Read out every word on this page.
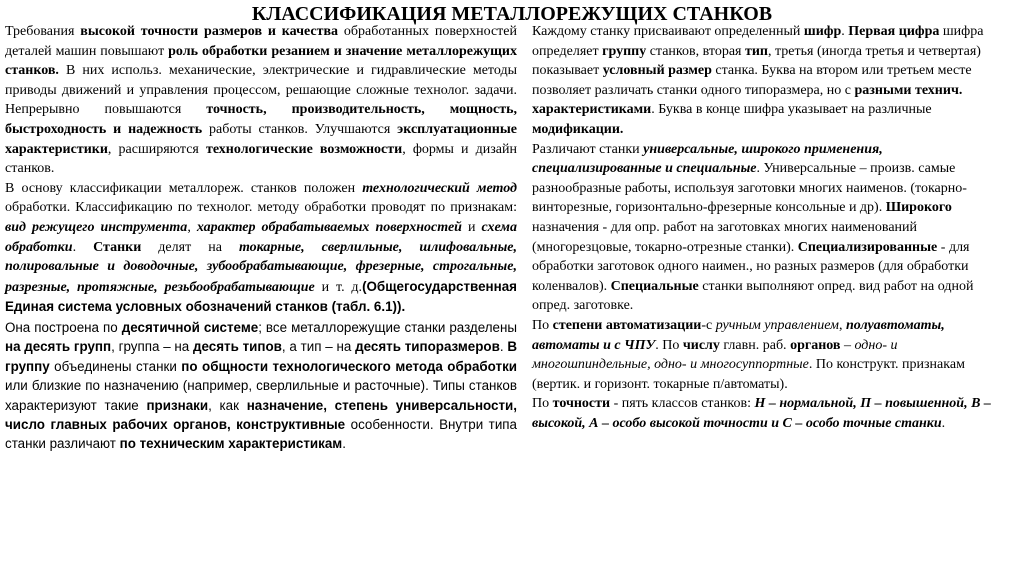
КЛАССИФИКАЦИЯ МЕТАЛЛОРЕЖУЩИХ СТАНКОВ

Требования высокой точности размеров и качества обработанных поверхностей деталей машин повышают роль обработки резанием и значение металлорежущих станков. В них использ. механические, электрические и гидравлические методы приводы движений и управления процессом, решающие сложные технолог. задачи. Непрерывно повышаются точность, производительность, мощность, быстроходность и надежность работы станков. Улучшаются эксплуатационные характеристики, расширяются технологические возможности, формы и дизайн станков.

В основу классификации металлореж. станков положен технологический метод обработки. Классификацию по технолог. методу обработки проводят по признакам: вид режущего инструмента, характер обрабатываемых поверхностей и схема обработки. Станки делят на токарные, сверлильные, шлифовальные, полировальные и доводочные, зубообрабатывающие, фрезерные, строгальные, разрезные, протяжные, резьбообрабатывающие и т. д.(Общегосударственная Единая система условных обозначений станков (табл. 6.1)).

Она построена по десятичной системе; все металлорежущие станки разделены на десять групп, группа – на десять типов, а тип – на десять типоразмеров. В группу объединены станки по общности технологического метода обработки или близкие по назначению (например, сверлильные и расточные). Типы станков характеризуют такие признаки, как назначение, степень универсальности, число главных рабочих органов, конструктивные особенности. Внутри типа станки различают по техническим характеристикам.

Каждому станку присваивают определенный шифр. Первая цифра шифра определяет группу станков, вторая тип, третья (иногда третья и четвертая) показывает условный размер станка. Буква на втором или третьем месте позволяет различать станки одного типоразмера, но с разными технич. характеристиками. Буква в конце шифра указывает на различные модификации.

Различают станки универсальные, широкого применения, специализированные и специальные. Универсальные – произв. самые разнообразные работы, используя заготовки многих наименов. (токарно-винторезные, горизонтально-фрезерные консольные и др). Широкого назначения - для опр. работ на заготовках многих наименований (многорезцовые, токарно-отрезные станки). Специализированные - для обработки заготовок одного наимен., но разных размеров (для обработки коленвалов). Специальные станки выполняют опред. вид работ на одной опред. заготовке.

По степени автоматизации-с ручным управлением, полуавтоматы, автоматы и с ЧПУ. По числу главн. раб. органов – одно- и многошпиндельные, одно- и многосуппортные. По конструкт. признакам (вертик. и горизонт. токарные п/автоматы).

По точности - пять классов станков: Н – нормальной, П – повышенной, В – высокой, А – особо высокой точности и С – особо точные станки.
